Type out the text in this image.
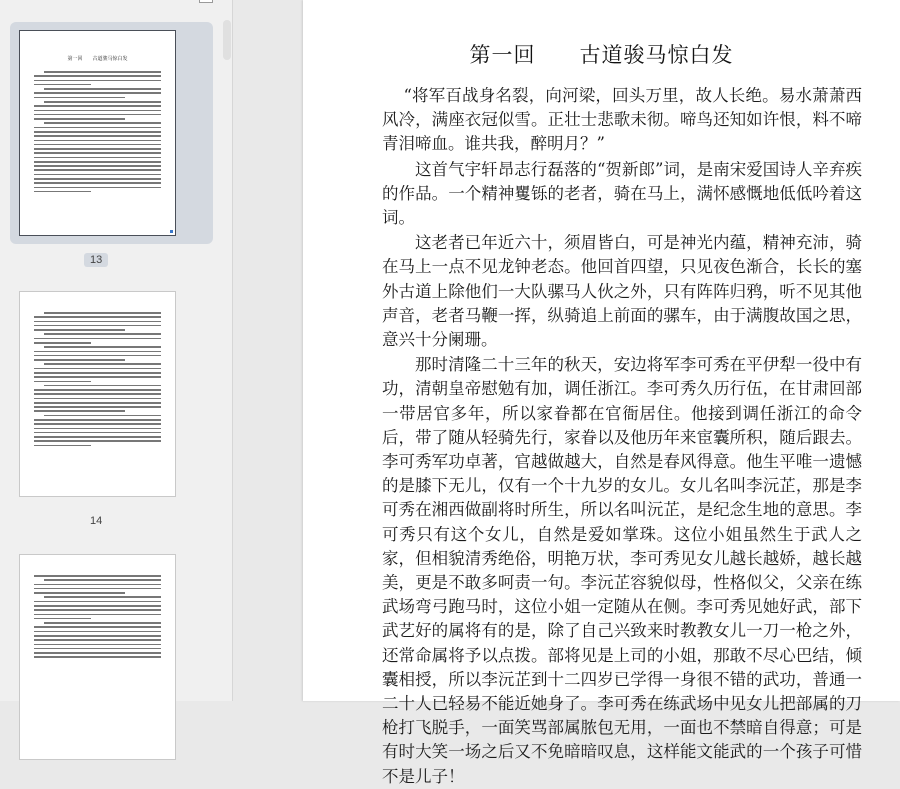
第一回　　古道骏马惊白发
13
14
第一回　　古道骏马惊白发

“将军百战身名裂，向河梁，回头万里，故人长绝。易水萧萧西风冷，满座衣冠似雪。正壮士悲歌未彻。啼鸟还知如许恨，料不啼青泪啼血。谁共我，醉明月？”

这首气宇轩昂志行磊落的“贺新郎”词，是南宋爱国诗人辛弃疾的作品。一个精神矍铄的老者，骑在马上，满怀感慨地低低吟着这词。

这老者已年近六十，须眉皆白，可是神光内蕴，精神充沛，骑在马上一点不见龙钟老态。他回首四望，只见夜色渐合，长长的塞外古道上除他们一大队骡马人伙之外，只有阵阵归鸦，听不见其他声音，老者马鞭一挥，纵骑追上前面的骡车，由于满腹故国之思，意兴十分阑珊。

那时清隆二十三年的秋天，安边将军李可秀在平伊犁一役中有功，清朝皇帝慰勉有加，调任浙江。李可秀久历行伍，在甘肃回部一带居官多年，所以家眷都在官衙居住。他接到调任浙江的命令后，带了随从轻骑先行，家眷以及他历年来宦囊所积，随后跟去。李可秀军功卓著，官越做越大，自然是春风得意。他生平唯一遗憾的是膝下无儿，仅有一个十九岁的女儿。女儿名叫李沅芷，那是李可秀在湘西做副将时所生，所以名叫沅芷，是纪念生地的意思。李可秀只有这个女儿，自然是爱如掌珠。这位小姐虽然生于武人之家，但相貌清秀绝俗，明艳万状，李可秀见女儿越长越娇，越长越美，更是不敢多呵责一句。李沅芷容貌似母，性格似父，父亲在练武场弯弓跑马时，这位小姐一定随从在侧。李可秀见她好武，部下武艺好的属将有的是，除了自己兴致来时教教女儿一刀一枪之外，还常命属将予以点拨。部将见是上司的小姐，那敢不尽心巴结，倾囊相授，所以李沅芷到十二四岁已学得一身很不错的武功，普通一二十人已轻易不能近她身了。李可秀在练武场中见女儿把部属的刀枪打飞脱手，一面笑骂部属脓包无用，一面也不禁暗自得意；可是有时大笑一场之后又不免暗暗叹息，这样能文能武的一个孩子可惜不是儿子！
